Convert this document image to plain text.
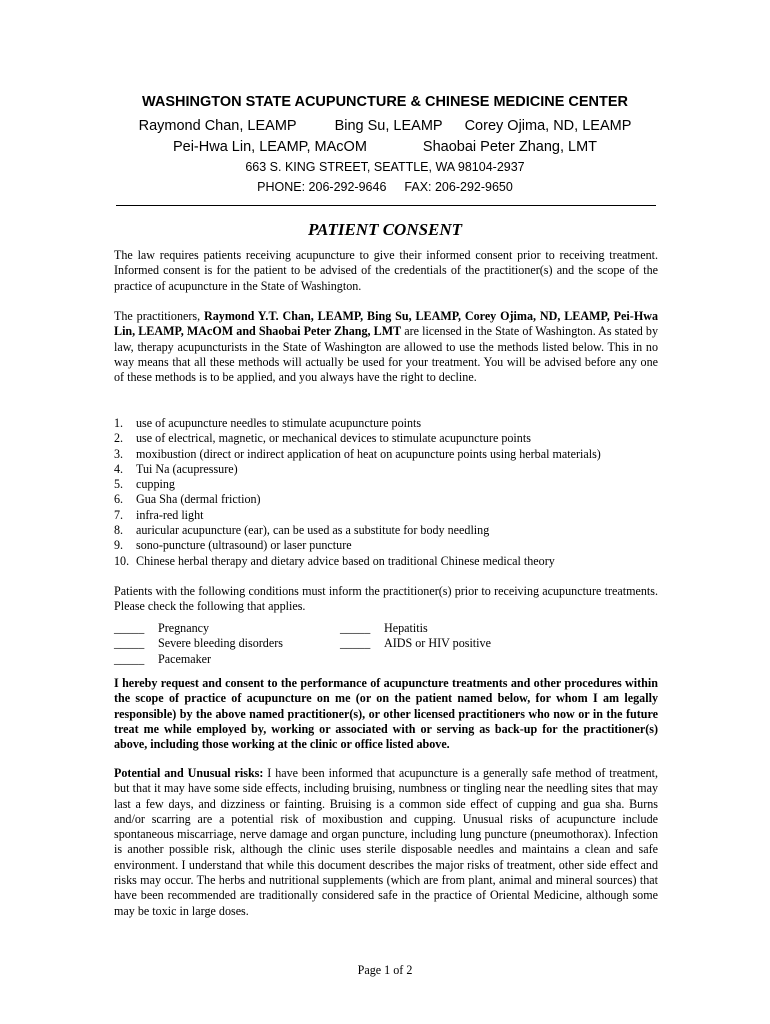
WASHINGTON STATE ACUPUNCTURE & CHINESE MEDICINE CENTER
Raymond Chan, LEAMP	Bing Su, LEAMP Corey Ojima, ND, LEAMP
Pei-Hwa Lin, LEAMP, MAcOM	Shaobai Peter Zhang, LMT
663 S. KING STREET, SEATTLE, WA 98104-2937
PHONE: 206-292-9646 FAX: 206-292-9650
PATIENT CONSENT
The law requires patients receiving acupuncture to give their informed consent prior to receiving treatment. Informed consent is for the patient to be advised of the credentials of the practitioner(s) and the scope of the practice of acupuncture in the State of Washington.
The practitioners, Raymond Y.T. Chan, LEAMP, Bing Su, LEAMP, Corey Ojima, ND, LEAMP, Pei-Hwa Lin, LEAMP, MAcOM and Shaobai Peter Zhang, LMT are licensed in the State of Washington. As stated by law, therapy acupuncturists in the State of Washington are allowed to use the methods listed below. This in no way means that all these methods will actually be used for your treatment. You will be advised before any one of these methods is to be applied, and you always have the right to decline.
1. use of acupuncture needles to stimulate acupuncture points
2. use of electrical, magnetic, or mechanical devices to stimulate acupuncture points
3. moxibustion (direct or indirect application of heat on acupuncture points using herbal materials)
4. Tui Na (acupressure)
5. cupping
6. Gua Sha (dermal friction)
7. infra-red light
8. auricular acupuncture (ear), can be used as a substitute for body needling
9. sono-puncture (ultrasound) or laser puncture
10. Chinese herbal therapy and dietary advice based on traditional Chinese medical theory
Patients with the following conditions must inform the practitioner(s) prior to receiving acupuncture treatments. Please check the following that applies.
_____ Pregnancy
_____ Severe bleeding disorders
_____ Pacemaker
_____ Hepatitis
_____ AIDS or HIV positive
I hereby request and consent to the performance of acupuncture treatments and other procedures within the scope of practice of acupuncture on me (or on the patient named below, for whom I am legally responsible) by the above named practitioner(s), or other licensed practitioners who now or in the future treat me while employed by, working or associated with or serving as back-up for the practitioner(s) above, including those working at the clinic or office listed above.
Potential and Unusual risks: I have been informed that acupuncture is a generally safe method of treatment, but that it may have some side effects, including bruising, numbness or tingling near the needling sites that may last a few days, and dizziness or fainting. Bruising is a common side effect of cupping and gua sha. Burns and/or scarring are a potential risk of moxibustion and cupping. Unusual risks of acupuncture include spontaneous miscarriage, nerve damage and organ puncture, including lung puncture (pneumothorax). Infection is another possible risk, although the clinic uses sterile disposable needles and maintains a clean and safe environment. I understand that while this document describes the major risks of treatment, other side effect and risks may occur. The herbs and nutritional supplements (which are from plant, animal and mineral sources) that have been recommended are traditionally considered safe in the practice of Oriental Medicine, although some may be toxic in large doses.
Page 1 of 2
